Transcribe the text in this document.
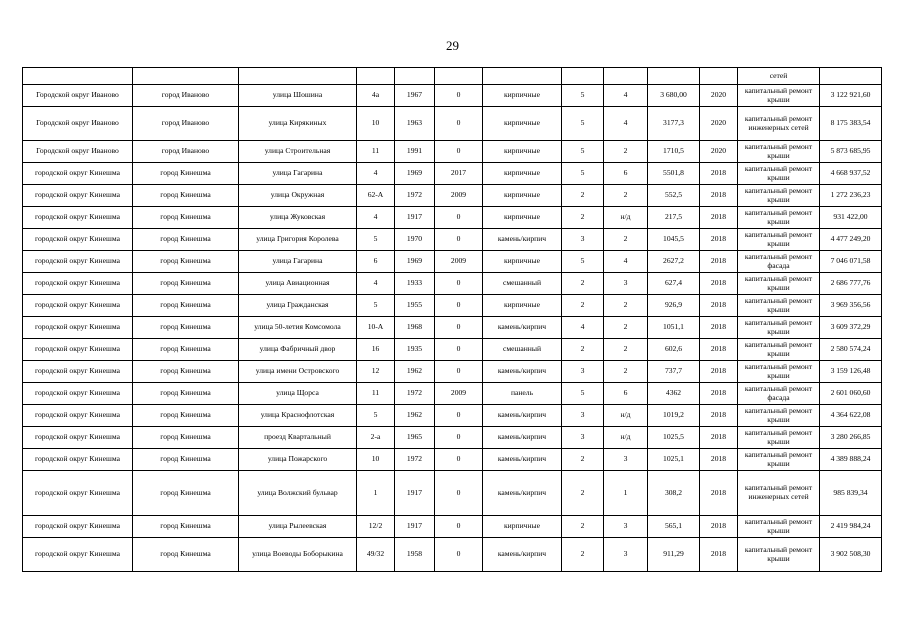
29
											сетей	
Городской округ Иваново	город Иваново	улица Шошина	4а	1967	0	кирпичные	5	4	3 680,00	2020	капитальный ремонт крыши	3 122 921,60
Городской округ Иваново	город Иваново	улица Кирякиных	10	1963	0	кирпичные	5	4	3177,3	2020	капитальный ремонт инженерных сетей	8 175 383,54
Городской округ Иваново	город Иваново	улица Строительная	11	1991	0	кирпичные	5	2	1710,5	2020	капитальный ремонт крыши	5 873 685,95
городской округ Кинешма	город Кинешма	улица Гагарина	4	1969	2017	кирпичные	5	6	5501,8	2018	капитальный ремонт крыши	4 668 937,52
городской округ Кинешма	город Кинешма	улица Окружная	62-А	1972	2009	кирпичные	2	2	552,5	2018	капитальный ремонт крыши	1 272 236,23
городской округ Кинешма	город Кинешма	улица Жуковская	4	1917	0	кирпичные	2	н/д	217,5	2018	капитальный ремонт крыши	931 422,00
городской округ Кинешма	город Кинешма	улица Григория Королева	5	1970	0	камень/кирпич	3	2	1045,5	2018	капитальный ремонт крыши	4 477 249,20
городской округ Кинешма	город Кинешма	улица Гагарина	6	1969	2009	кирпичные	5	4	2627,2	2018	капитальный ремонт фасада	7 046 071,58
городской округ Кинешма	город Кинешма	улица Авиационная	4	1933	0	смешанный	2	3	627,4	2018	капитальный ремонт крыши	2 686 777,76
городской округ Кинешма	город Кинешма	улица Гражданская	5	1955	0	кирпичные	2	2	926,9	2018	капитальный ремонт крыши	3 969 356,56
городской округ Кинешма	город Кинешма	улица 50-летия Комсомола	10-А	1968	0	камень/кирпич	4	2	1051,1	2018	капитальный ремонт крыши	3 609 372,29
городской округ Кинешма	город Кинешма	улица Фабричный двор	16	1935	0	смешанный	2	2	602,6	2018	капитальный ремонт крыши	2 580 574,24
городской округ Кинешма	город Кинешма	улица имени Островского	12	1962	0	камень/кирпич	3	2	737,7	2018	капитальный ремонт крыши	3 159 126,48
городской округ Кинешма	город Кинешма	улица Щорса	11	1972	2009	панель	5	6	4362	2018	капитальный ремонт фасада	2 601 060,60
городской округ Кинешма	город Кинешма	улица Краснофлотская	5	1962	0	камень/кирпич	3	н/д	1019,2	2018	капитальный ремонт крыши	4 364 622,08
городской округ Кинешма	город Кинешма	проезд Квартальный	2-а	1965	0	камень/кирпич	3	н/д	1025,5	2018	капитальный ремонт крыши	3 280 266,85
городской округ Кинешма	город Кинешма	улица Пожарского	10	1972	0	камень/кирпич	2	3	1025,1	2018	капитальный ремонт крыши	4 389 888,24
городской округ Кинешма	город Кинешма	улица Волжский бульвар	1	1917	0	камень/кирпич	2	1	308,2	2018	капитальный ремонт инженерных сетей	985 839,34
городской округ Кинешма	город Кинешма	улица Рылеевская	12/2	1917	0	кирпичные	2	3	565,1	2018	капитальный ремонт крыши	2 419 984,24
городской округ Кинешма	город Кинешма	улица Воеводы Боборыкина	49/32	1958	0	камень/кирпич	2	3	911,29	2018	капитальный ремонт крыши	3 902 508,30
